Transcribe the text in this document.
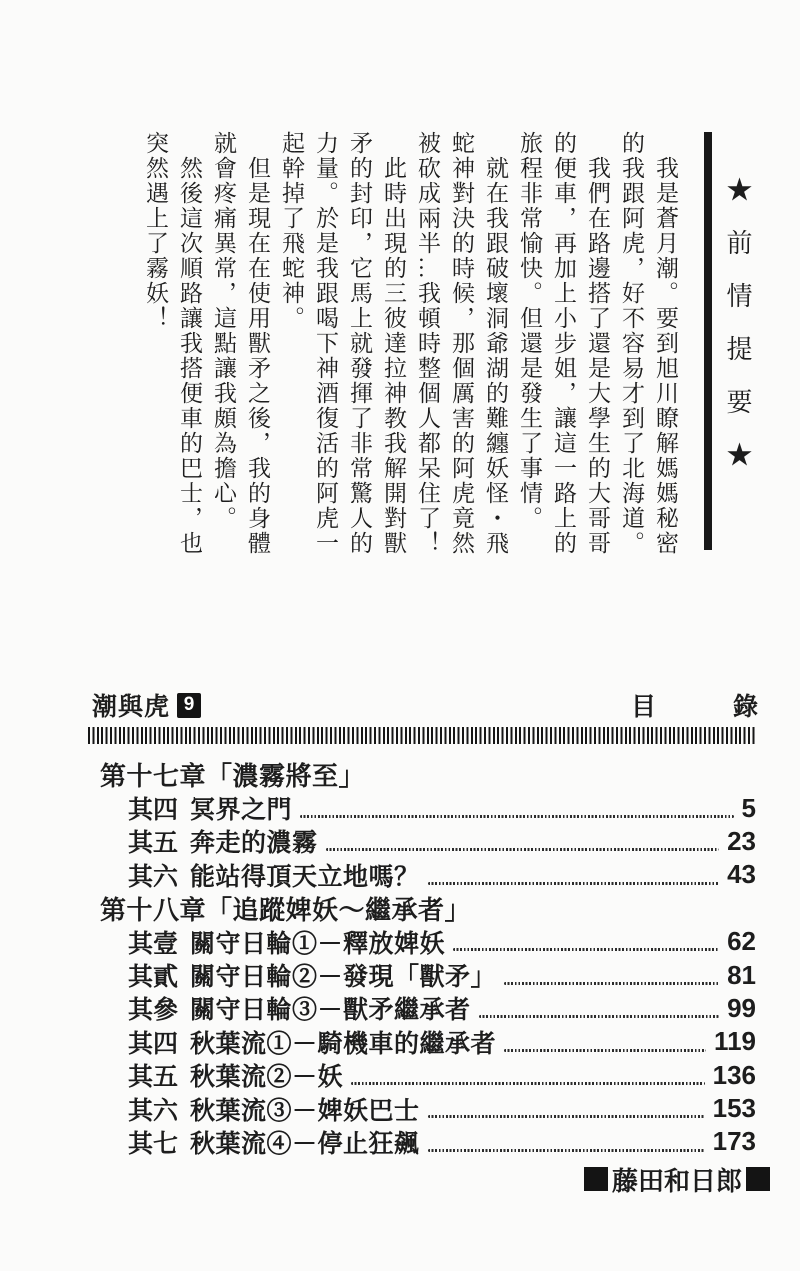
★前情提要★

我是蒼月潮。要到旭川瞭解媽媽秘密

的我跟阿虎，好不容易才到了北海道。

我們在路邊搭了還是大學生的大哥哥

的便車，再加上小步姐，讓這一路上的

旅程非常愉快。但還是發生了事情。

就在我跟破壞洞爺湖的難纏妖怪・飛

蛇神對決的時候，那個厲害的阿虎竟然

被砍成兩半…我頓時整個人都呆住了！

此時出現的三彼達拉神教我解開對獸

矛的封印，它馬上就發揮了非常驚人的

力量。於是我跟喝下神酒復活的阿虎一

起幹掉了飛蛇神。

但是現在在使用獸矛之後，我的身體

就會疼痛異常，這點讓我頗為擔心。

然後這次順路讓我搭便車的巴士，也

突然遇上了霧妖！

潮與虎 9	目錄
第十七章「濃霧將至」
其四 冥界之門	5
其五 奔走的濃霧	23
其六 能站得頂天立地嗎？	43
第十八章「追蹤婢妖～繼承者」
其壹 關守日輪①－釋放婢妖	62
其貳 關守日輪②－發現「獸矛」	81
其參 關守日輪③－獸矛繼承者	99
其四 秋葉流①－騎機車的繼承者	119
其五 秋葉流②－妖	136
其六 秋葉流③－婢妖巴士	153
其七 秋葉流④－停止狂飆	173
藤田和日郎
